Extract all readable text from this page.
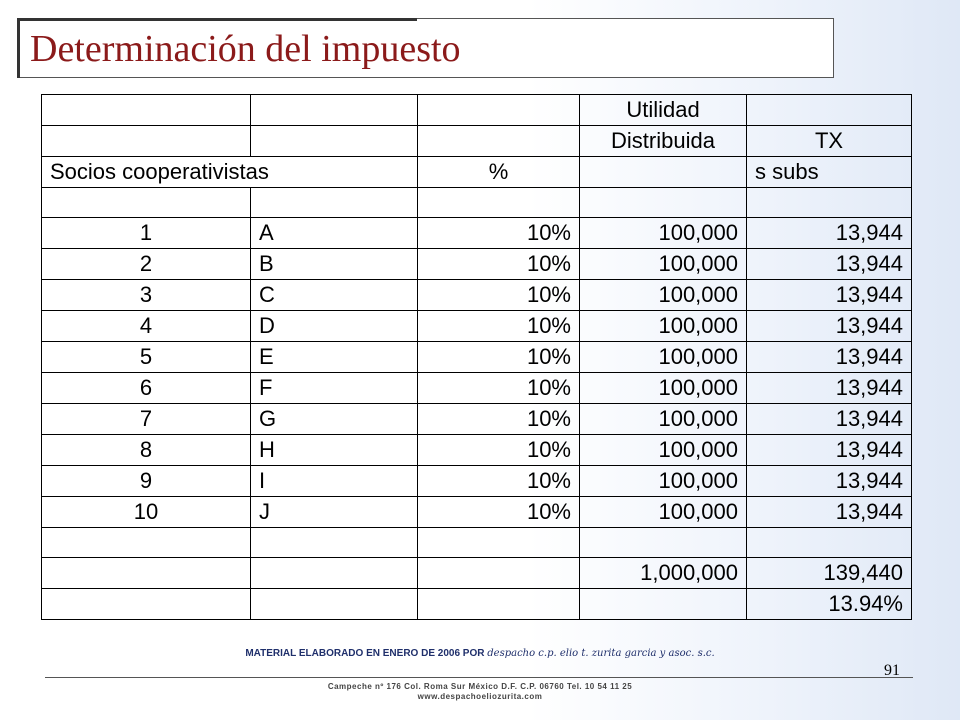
Determinación del impuesto
			Utilidad	
			Distribuida	TX
Socios cooperativistas		%		s subs

1	A	10%	100,000	13,944
2	B	10%	100,000	13,944
3	C	10%	100,000	13,944
4	D	10%	100,000	13,944
5	E	10%	100,000	13,944
6	F	10%	100,000	13,944
7	G	10%	100,000	13,944
8	H	10%	100,000	13,944
9	I	10%	100,000	13,944
10	J	10%	100,000	13,944

			1,000,000	139,440
				13.94%
MATERIAL ELABORADO EN ENERO DE 2006 POR despacho c.p. elio t. zurita garcia y asoc. s.c.
91
Campeche nº 176 Col. Roma Sur México D.F. C.P. 06760 Tel. 10 54 11 25
www.despachoeliozurita.com
